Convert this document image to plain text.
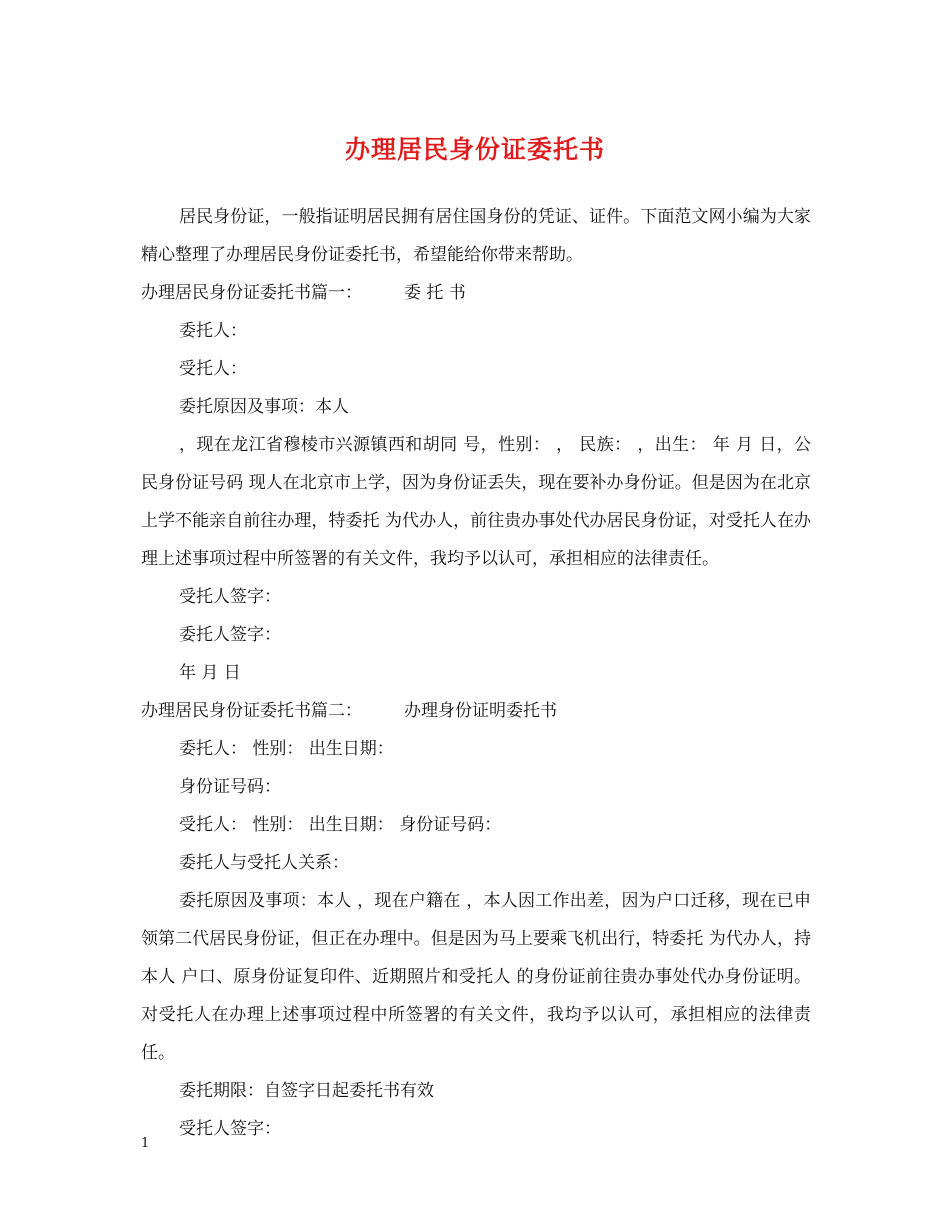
办理居民身份证委托书

居民身份证，一般指证明居民拥有居住国身份的凭证、证件。下面范文网小编为大家精心整理了办理居民身份证委托书，希望能给你带来帮助。

办理居民身份证委托书篇一： 委 托 书

委托人：

受托人：

委托原因及事项：本人

，现在龙江省穆棱市兴源镇西和胡同 号，性别： ， 民族： ，出生： 年 月 日，公民身份证号码 现人在北京市上学，因为身份证丢失，现在要补办身份证。但是因为在北京上学不能亲自前往办理，特委托 为代办人，前往贵办事处代办居民身份证，对受托人在办理上述事项过程中所签署的有关文件，我均予以认可，承担相应的法律责任。

受托人签字：

委托人签字：

年 月 日

办理居民身份证委托书篇二： 办理身份证明委托书

委托人： 性别： 出生日期：

身份证号码：

受托人： 性别： 出生日期： 身份证号码：

委托人与受托人关系：

委托原因及事项：本人 ，现在户籍在 ，本人因工作出差，因为户口迁移，现在已申领第二代居民身份证，但正在办理中。但是因为马上要乘飞机出行，特委托 为代办人，持本人 户口、原身份证复印件、近期照片和受托人 的身份证前往贵办事处代办身份证明。对受托人在办理上述事项过程中所签署的有关文件，我均予以认可，承担相应的法律责任。

委托期限：自签字日起委托书有效

受托人签字：

1
